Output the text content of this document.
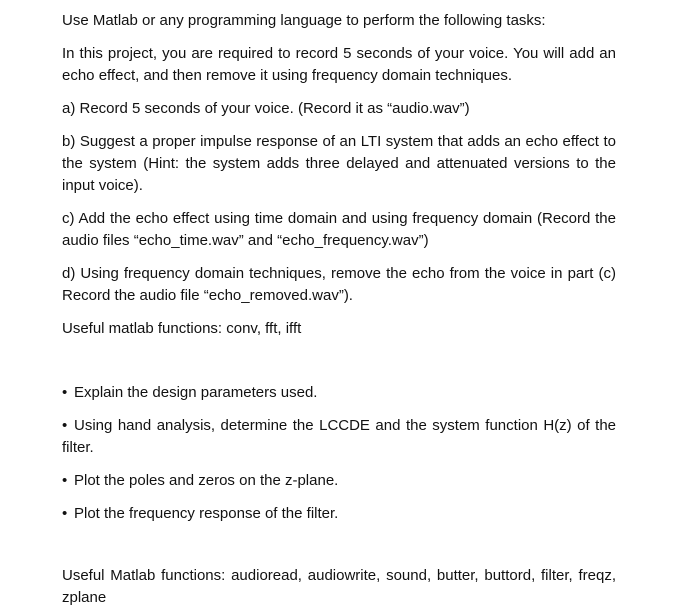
Use Matlab or any programming language to perform the following tasks:

In this project, you are required to record 5 seconds of your voice. You will add an echo effect, and then remove it using frequency domain techniques.

a) Record 5 seconds of your voice. (Record it as “audio.wav”)

b) Suggest a proper impulse response of an LTI system that adds an echo effect to the system (Hint: the system adds three delayed and attenuated versions to the input voice).

c) Add the echo effect using time domain and using frequency domain (Record the audio files “echo_time.wav” and “echo_frequency.wav”)

d) Using frequency domain techniques, remove the echo from the voice in part (c) Record the audio file “echo_removed.wav”).

Useful matlab functions: conv, fft, ifft

• Explain the design parameters used.

• Using hand analysis, determine the LCCDE and the system function H(z) of the filter.

• Plot the poles and zeros on the z-plane.

• Plot the frequency response of the filter.

Useful Matlab functions: audioread, audiowrite, sound, butter, buttord, filter, freqz, zplane
